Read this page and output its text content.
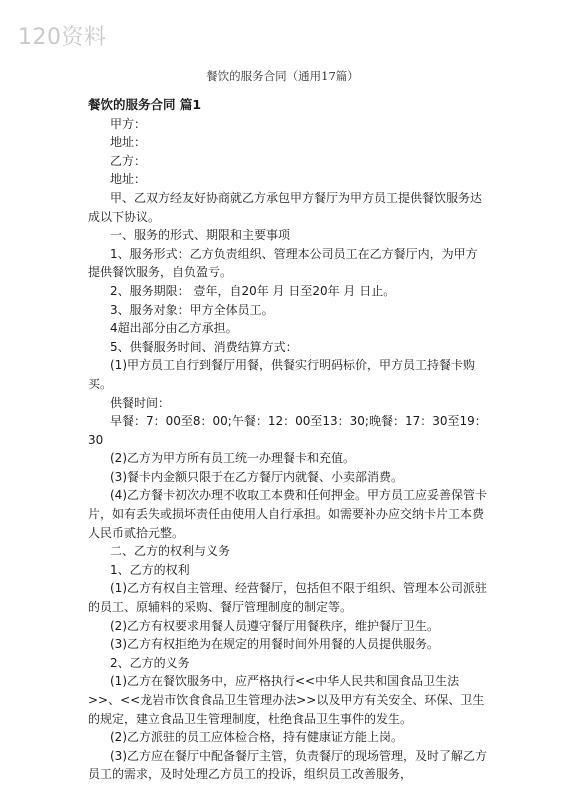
120资料
餐饮的服务合同（通用17篇）

餐饮的服务合同 篇1

甲方：

地址：

乙方：

地址：

甲、乙双方经友好协商就乙方承包甲方餐厅为甲方员工提供餐饮服务达成以下协议。

一、服务的形式、期限和主要事项

1、服务形式：乙方负责组织、管理本公司员工在乙方餐厅内，为甲方提供餐饮服务，自负盈亏。

2、服务期限： 壹年，自20年 月 日至20年 月 日止。

3、服务对象：甲方全体员工。

4超出部分由乙方承担。

5、供餐服务时间、消费结算方式：

(1)甲方员工自行到餐厅用餐，供餐实行明码标价，甲方员工持餐卡购买。

供餐时间：

早餐：7：00至8：00;午餐：12：00至13：30;晚餐：17：30至19：30

(2)乙方为甲方所有员工统一办理餐卡和充值。

(3)餐卡内金额只限于在乙方餐厅内就餐、小卖部消费。

(4)乙方餐卡初次办理不收取工本费和任何押金。甲方员工应妥善保管卡片，如有丢失或损坏责任由使用人自行承担。如需要补办应交纳卡片工本费人民币贰拾元整。

二、乙方的权利与义务

1、乙方的权利

(1)乙方有权自主管理、经营餐厅，包括但不限于组织、管理本公司派驻的员工、原辅料的采购、餐厅管理制度的制定等。

(2)乙方有权要求用餐人员遵守餐厅用餐秩序，维护餐厅卫生。

(3)乙方有权拒绝为在规定的用餐时间外用餐的人员提供服务。

2、乙方的义务

(1)乙方在餐饮服务中，应严格执行<<中华人民共和国食品卫生法>>、<<龙岩市饮食食品卫生管理办法>>以及甲方有关安全、环保、卫生的规定，建立食品卫生管理制度，杜绝食品卫生事件的发生。

(2)乙方派驻的员工应体检合格，持有健康证方能上岗。

(3)乙方应在餐厅中配备餐厅主管，负责餐厅的现场管理，及时了解乙方员工的需求，及时处理乙方员工的投诉，组织员工改善服务，
